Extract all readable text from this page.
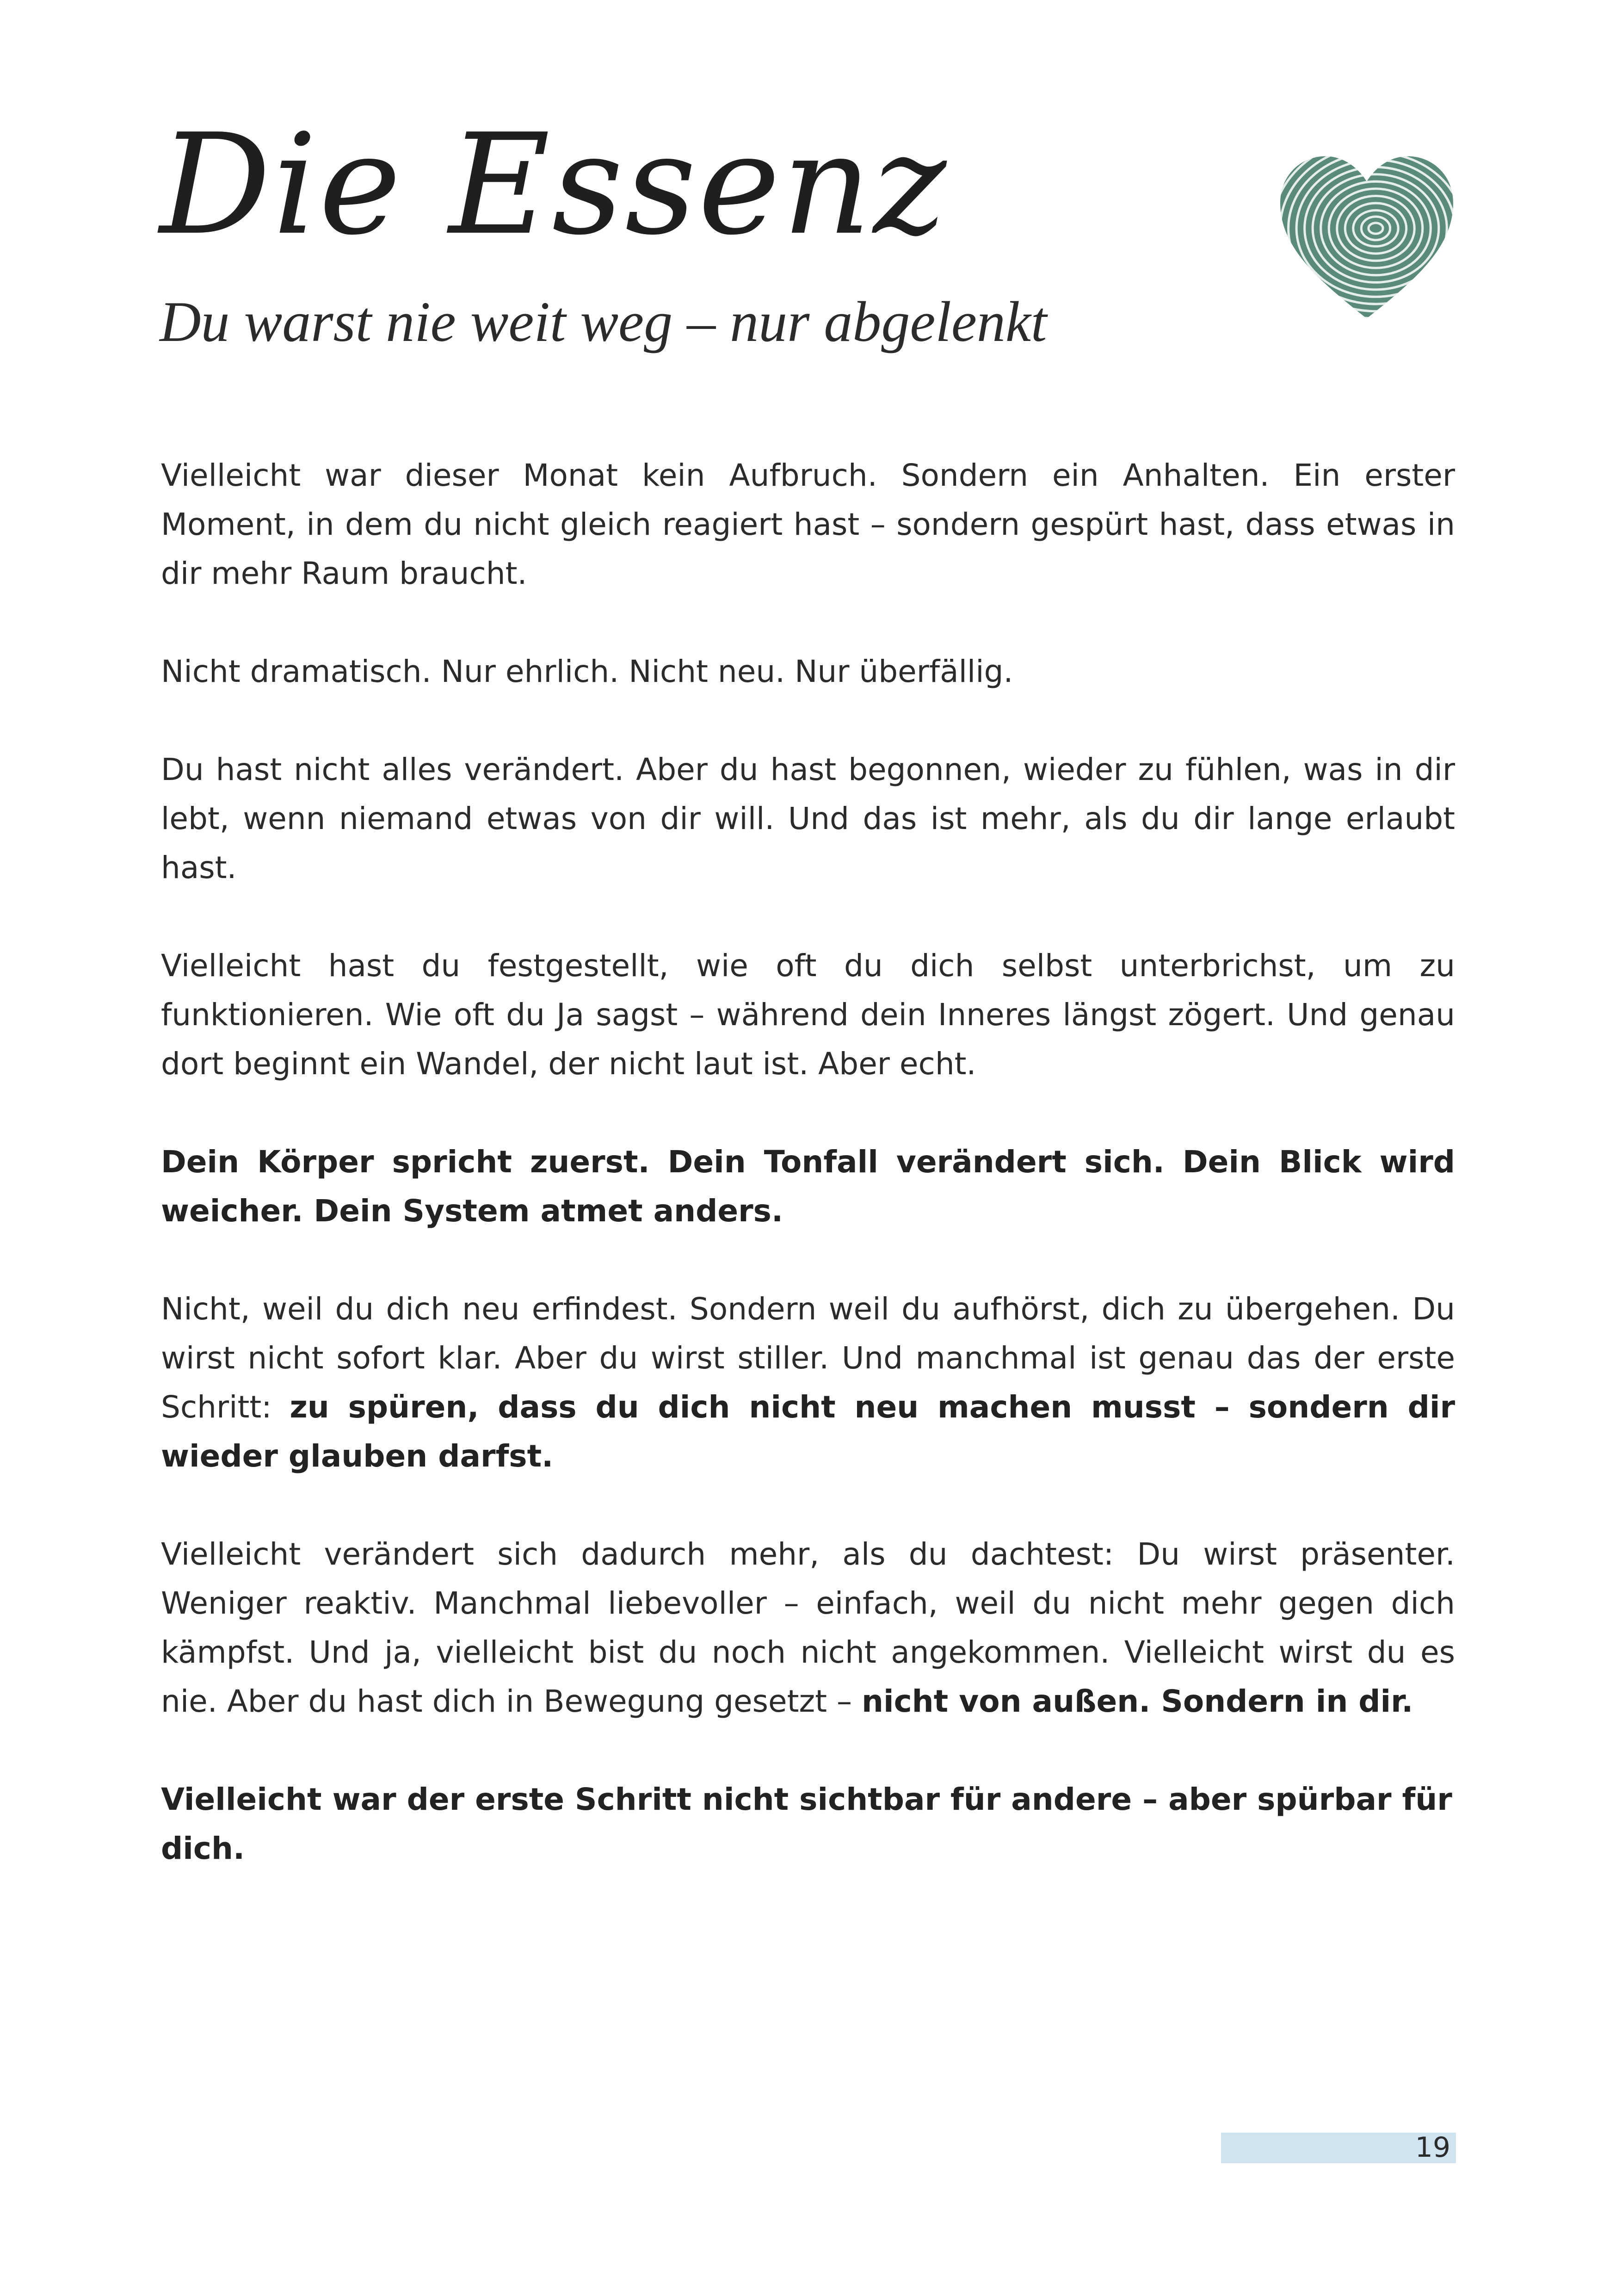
Die Essenz
Du warst nie weit weg – nur abgelenkt

Vielleicht war dieser Monat kein Aufbruch. Sondern ein Anhalten. Ein erster Moment, in dem du nicht gleich reagiert hast – sondern gespürt hast, dass etwas in dir mehr Raum braucht.

Nicht dramatisch. Nur ehrlich. Nicht neu. Nur überfällig.

Du hast nicht alles verändert. Aber du hast begonnen, wieder zu fühlen, was in dir lebt, wenn niemand etwas von dir will. Und das ist mehr, als du dir lange erlaubt hast.

Vielleicht hast du festgestellt, wie oft du dich selbst unterbrichst, um zu funktionieren. Wie oft du Ja sagst – während dein Inneres längst zögert. Und genau dort beginnt ein Wandel, der nicht laut ist. Aber echt.

Dein Körper spricht zuerst. Dein Tonfall verändert sich. Dein Blick wird weicher. Dein System atmet anders.

Nicht, weil du dich neu erfindest. Sondern weil du aufhörst, dich zu übergehen. Du wirst nicht sofort klar. Aber du wirst stiller. Und manchmal ist genau das der erste Schritt: zu spüren, dass du dich nicht neu machen musst – sondern dir wieder glauben darfst.

Vielleicht verändert sich dadurch mehr, als du dachtest: Du wirst präsenter. Weniger reaktiv. Manchmal liebevoller – einfach, weil du nicht mehr gegen dich kämpfst. Und ja, vielleicht bist du noch nicht angekommen. Vielleicht wirst du es nie. Aber du hast dich in Bewegung gesetzt – nicht von außen. Sondern in dir.

Vielleicht war der erste Schritt nicht sichtbar für andere – aber spürbar für dich.

19
